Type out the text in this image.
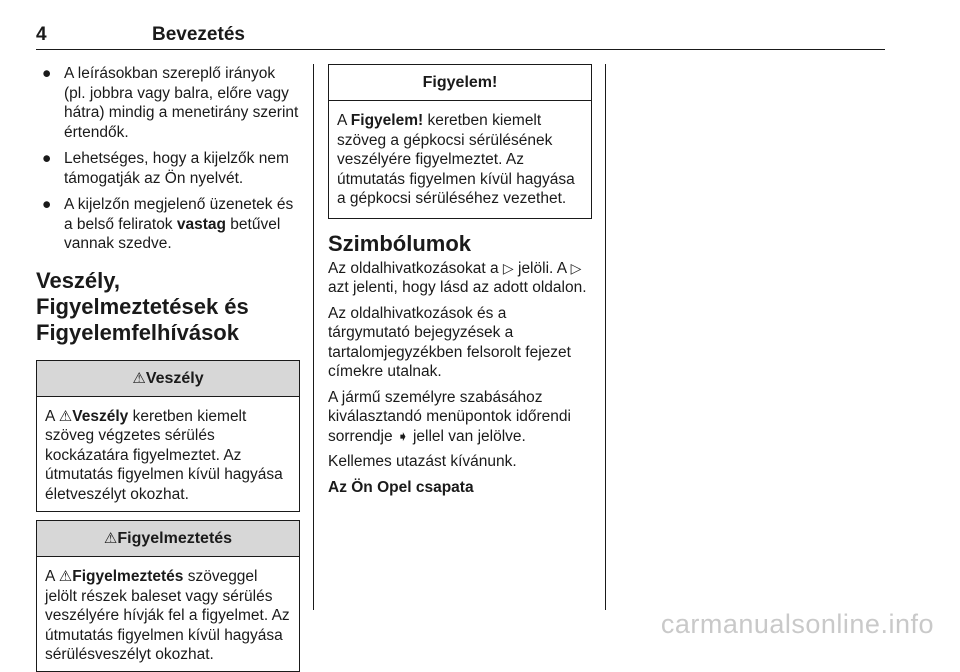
4	Bevezetés
● A leírásokban szereplő irányok (pl. jobbra vagy balra, előre vagy hátra) mindig a menetirány szerint értendők.
● Lehetséges, hogy a kijelzők nem támogatják az Ön nyelvét.
● A kijelzőn megjelenő üzenetek és a belső feliratok vastag betűvel vannak szedve.
Veszély, Figyelmeztetések és Figyelemfelhívások
⚠Veszély
A ⚠Veszély keretben kiemelt szöveg végzetes sérülés kockázatára figyelmeztet. Az útmutatás figyelmen kívül hagyása életveszélyt okozhat.
⚠Figyelmeztetés
A ⚠Figyelmeztetés szöveggel jelölt részek baleset vagy sérülés veszélyére hívják fel a figyelmet. Az útmutatás figyelmen kívül hagyása sérülésveszélyt okozhat.
Figyelem!
A Figyelem! keretben kiemelt szöveg a gépkocsi sérülésének veszélyére figyelmeztet. Az útmutatás figyelmen kívül hagyása a gépkocsi sérüléséhez vezethet.
Szimbólumok

Az oldalhivatkozásokat a ▷ jelöli. A ▷ azt jelenti, hogy lásd az adott oldalon.

Az oldalhivatkozások és a tárgymutató bejegyzések a tartalomjegyzékben felsorolt fejezet címekre utalnak.

A jármű személyre szabásához kiválasztandó menüpontok időrendi sorrendje ➧ jellel van jelölve.

Kellemes utazást kívánunk.

Az Ön Opel csapata

carmanualsonline.info
